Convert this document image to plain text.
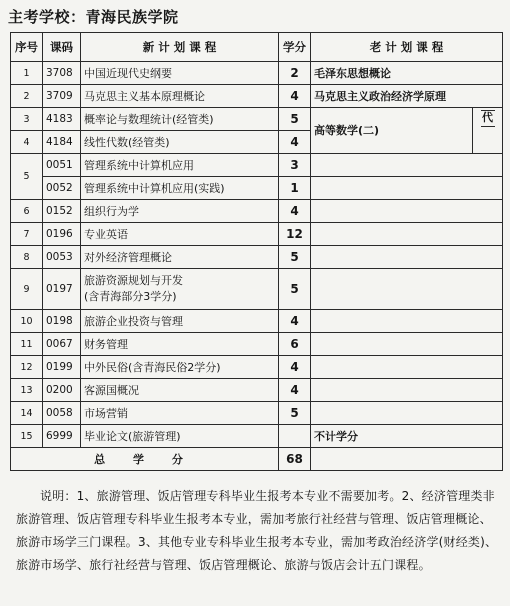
主考学校：青海民族学院
序号	课码	新 计 划 课 程	学分	老 计 划 课 程	
1	3708	中国近现代史纲要	2	毛泽东思想概论	
2	3709	马克思主义基本原理概论	4	马克思主义政治经济学原理	
3	4183	概率论与数理统计(经管类)	5	高等数学(二)	代

4	4184	线性代数(经管类)	4		
5	0051	管理系统中计算机应用	3		
	0052	管理系统中计算机应用(实践)	1		
6	0152	组织行为学	4		
7	0196	专业英语	12		
8	0053	对外经济管理概论	5		
9	0197	旅游资源规划与开发
(含青海部分3学分)	5		
10	0198	旅游企业投资与管理	4		
11	0067	财务管理	6		
12	0199	中外民俗(含青海民俗2学分)	4		
13	0200	客源国概况	4		
14	0058	市场营销	5		
15	6999	毕业论文(旅游管理)		不计学分	
总 学 分			68		
说明：1、旅游管理、饭店管理专科毕业生报考本专业不需要加考。2、经济管理类非旅游管理、饭店管理专科毕业生报考本专业，需加考旅行社经营与管理、饭店管理概论、旅游市场学三门课程。3、其他专业专科毕业生报考本专业，需加考政治经济学(财经类)、旅游市场学、旅行社经营与管理、饭店管理概论、旅游与饭店会计五门课程。
